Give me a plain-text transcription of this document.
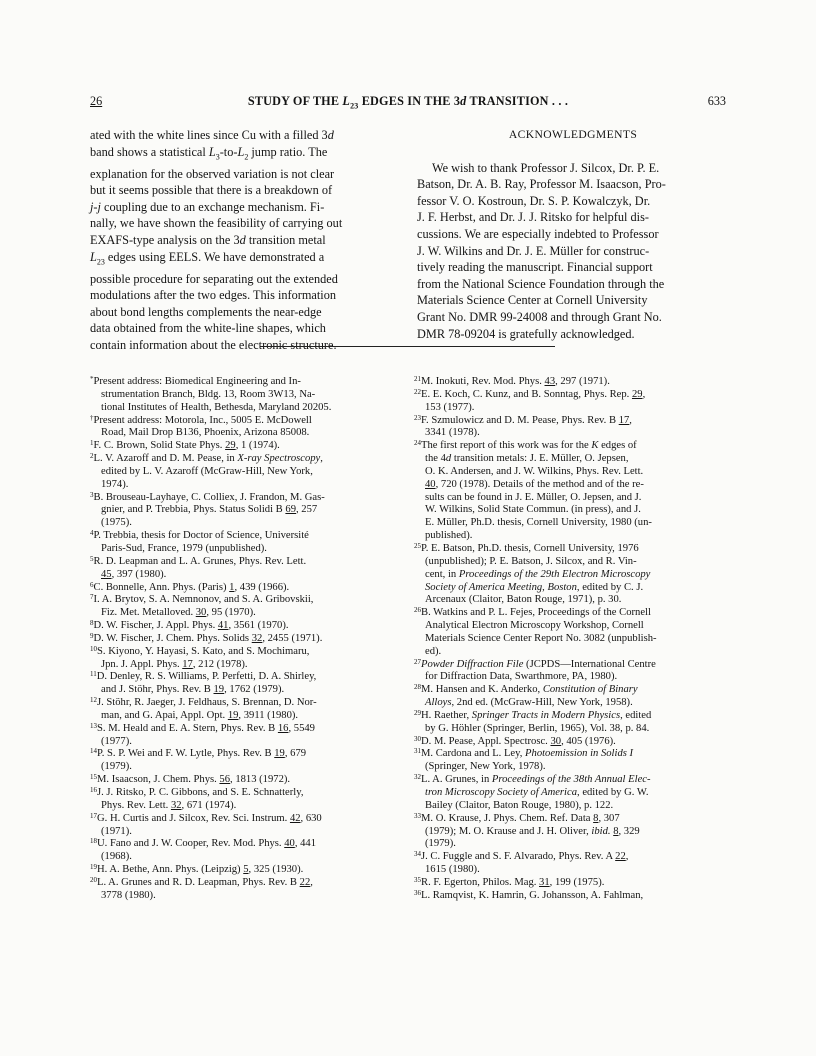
26	STUDY OF THE $L_{23}$ EDGES IN THE 3d TRANSITION . . .	633
ated with the white lines since Cu with a filled 3d
band shows a statistical $L_3-to-L_2$ jump ratio. The
explanation for the observed variation is not clear
but it seems possible that there is a breakdown of
j-j coupling due to an exchange mechanism. Fi-
nally, we have shown the feasibility of carrying out
EXAFS-type analysis on the 3d transition metal
$L_{23}$ edges using EELS. We have demonstrated a
possible procedure for separating out the extended
modulations after the two edges. This information
about bond lengths complements the near-edge
data obtained from the white-line shapes, which
contain information about the electronic structure.
ACKNOWLEDGMENTS
We wish to thank Professor J. Silcox, Dr. P. E.
Batson, Dr. A. B. Ray, Professor M. Isaacson, Pro-
fessor V. O. Kostroun, Dr. S. P. Kowalczyk, Dr.
J. F. Herbst, and Dr. J. J. Ritsko for helpful dis-
cussions. We are especially indebted to Professor
J. W. Wilkins and Dr. J. E. Müller for construc-
tively reading the manuscript. Financial support
from the National Science Foundation through the
Materials Science Center at Cornell University
Grant No. DMR 99-24008 and through Grant No.
DMR 78-09204 is gratefully acknowledged.
*Present address: Biomedical Engineering and In-
strumentation Branch, Bldg. 13, Room 3W13, Na-
tional Institutes of Health, Bethesda, Maryland 20205.
†Present address: Motorola, Inc., 5005 E. McDowell
Road, Mail Drop B136, Phoenix, Arizona 85008.
$^1$F. C. Brown, Solid State Phys. 29, 1 (1974).
$^2$L. V. Azaroff and D. M. Pease, in X-ray Spectroscopy,
edited by L. V. Azaroff (McGraw-Hill, New York,
1974).
$^3$B. Brouseau-Layhaye, C. Colliex, J. Frandon, M. Gas-
gnier, and P. Trebbia, Phys. Status Solidi B 69, 257
(1975).
$^4$P. Trebbia, thesis for Doctor of Science, Université
Paris-Sud, France, 1979 (unpublished).
$^5$R. D. Leapman and L. A. Grunes, Phys. Rev. Lett.
45, 397 (1980).
$^6$C. Bonnelle, Ann. Phys. (Paris) 1, 439 (1966).
$^7$I. A. Brytov, S. A. Nemnonov, and S. A. Gribovskii,
Fiz. Met. Metalloved. 30, 95 (1970).
$^8$D. W. Fischer, J. Appl. Phys. 41, 3561 (1970).
$^9$D. W. Fischer, J. Chem. Phys. Solids 32, 2455 (1971).
$^{10}$S. Kiyono, Y. Hayasi, S. Kato, and S. Mochimaru,
Jpn. J. Appl. Phys. 17, 212 (1978).
$^{11}$D. Denley, R. S. Williams, P. Perfetti, D. A. Shirley,
and J. Stöhr, Phys. Rev. B 19, 1762 (1979).
$^{12}$J. Stöhr, R. Jaeger, J. Feldhaus, S. Brennan, D. Nor-
man, and G. Apai, Appl. Opt. 19, 3911 (1980).
$^{13}$S. M. Heald and E. A. Stern, Phys. Rev. B 16, 5549
(1977).
$^{14}$P. S. P. Wei and F. W. Lytle, Phys. Rev. B 19, 679
(1979).
$^{15}$M. Isaacson, J. Chem. Phys. 56, 1813 (1972).
$^{16}$J. J. Ritsko, P. C. Gibbons, and S. E. Schnatterly,
Phys. Rev. Lett. 32, 671 (1974).
$^{17}$G. H. Curtis and J. Silcox, Rev. Sci. Instrum. 42, 630
(1971).
$^{18}$U. Fano and J. W. Cooper, Rev. Mod. Phys. 40, 441
(1968).
$^{19}$H. A. Bethe, Ann. Phys. (Leipzig) 5, 325 (1930).
$^{20}$L. A. Grunes and R. D. Leapman, Phys. Rev. B 22,
3778 (1980).
$^{21}$M. Inokuti, Rev. Mod. Phys. 43, 297 (1971).
$^{22}$E. E. Koch, C. Kunz, and B. Sonntag, Phys. Rep. 29,
153 (1977).
$^{23}$F. Szmulowicz and D. M. Pease, Phys. Rev. B 17,
3341 (1978).
$^{24}$The first report of this work was for the K edges of
the 4d transition metals: J. E. Müller, O. Jepsen,
O. K. Andersen, and J. W. Wilkins, Phys. Rev. Lett.
40, 720 (1978). Details of the method and of the re-
sults can be found in J. E. Müller, O. Jepsen, and J.
W. Wilkins, Solid State Commun. (in press), and J.
E. Müller, Ph.D. thesis, Cornell University, 1980 (un-
published).
$^{25}$P. E. Batson, Ph.D. thesis, Cornell University, 1976
(unpublished); P. E. Batson, J. Silcox, and R. Vin-
cent, in Proceedings of the 29th Electron Microscopy
Society of America Meeting, Boston, edited by C. J.
Arcenaux (Claitor, Baton Rouge, 1971), p. 30.
$^{26}$B. Watkins and P. L. Fejes, Proceedings of the Cornell
Analytical Electron Microscopy Workshop, Cornell
Materials Science Center Report No. 3082 (unpublish-
ed).
$^{27}$Powder Diffraction File (JCPDS—International Centre
for Diffraction Data, Swarthmore, PA, 1980).
$^{28}$M. Hansen and K. Anderko, Constitution of Binary
Alloys, 2nd ed. (McGraw-Hill, New York, 1958).
$^{29}$H. Raether, Springer Tracts in Modern Physics, edited
by G. Höhler (Springer, Berlin, 1965), Vol. 38, p. 84.
$^{30}$D. M. Pease, Appl. Spectrosc. 30, 405 (1976).
$^{31}$M. Cardona and L. Ley, Photoemission in Solids I
(Springer, New York, 1978).
$^{32}$L. A. Grunes, in Proceedings of the 38th Annual Elec-
tron Microscopy Society of America, edited by G. W.
Bailey (Claitor, Baton Rouge, 1980), p. 122.
$^{33}$M. O. Krause, J. Phys. Chem. Ref. Data 8, 307
(1979); M. O. Krause and J. H. Oliver, ibid. 8, 329
(1979).
$^{34}$J. C. Fuggle and S. F. Alvarado, Phys. Rev. A 22,
1615 (1980).
$^{35}$R. F. Egerton, Philos. Mag. 31, 199 (1975).
$^{36}$L. Ramqvist, K. Hamrin, G. Johansson, A. Fahlman,
